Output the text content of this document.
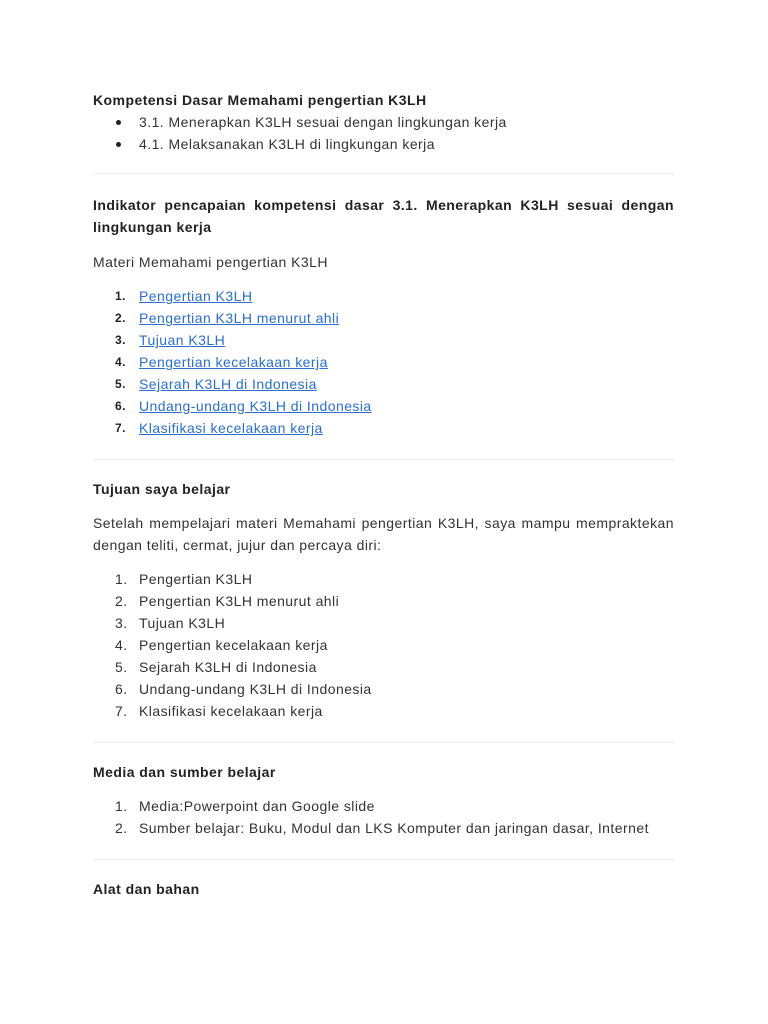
Kompetensi Dasar Memahami pengertian K3LH

3.1. Menerapkan K3LH sesuai dengan lingkungan kerja
4.1. Melaksanakan K3LH di lingkungan kerja

Indikator pencapaian kompetensi dasar 3.1. Menerapkan K3LH sesuai dengan lingkungan kerja

Materi Memahami pengertian K3LH

1. Pengertian K3LH
2. Pengertian K3LH menurut ahli
3. Tujuan K3LH
4. Pengertian kecelakaan kerja
5. Sejarah K3LH di Indonesia
6. Undang-undang K3LH di Indonesia
7. Klasifikasi kecelakaan kerja

Tujuan saya belajar

Setelah mempelajari materi Memahami pengertian K3LH, saya mampu mempraktekan dengan teliti, cermat, jujur dan percaya diri:

1. Pengertian K3LH
2. Pengertian K3LH menurut ahli
3. Tujuan K3LH
4. Pengertian kecelakaan kerja
5. Sejarah K3LH di Indonesia
6. Undang-undang K3LH di Indonesia
7. Klasifikasi kecelakaan kerja

Media dan sumber belajar

1. Media:Powerpoint dan Google slide
2. Sumber belajar: Buku, Modul dan LKS Komputer dan jaringan dasar, Internet

Alat dan bahan
